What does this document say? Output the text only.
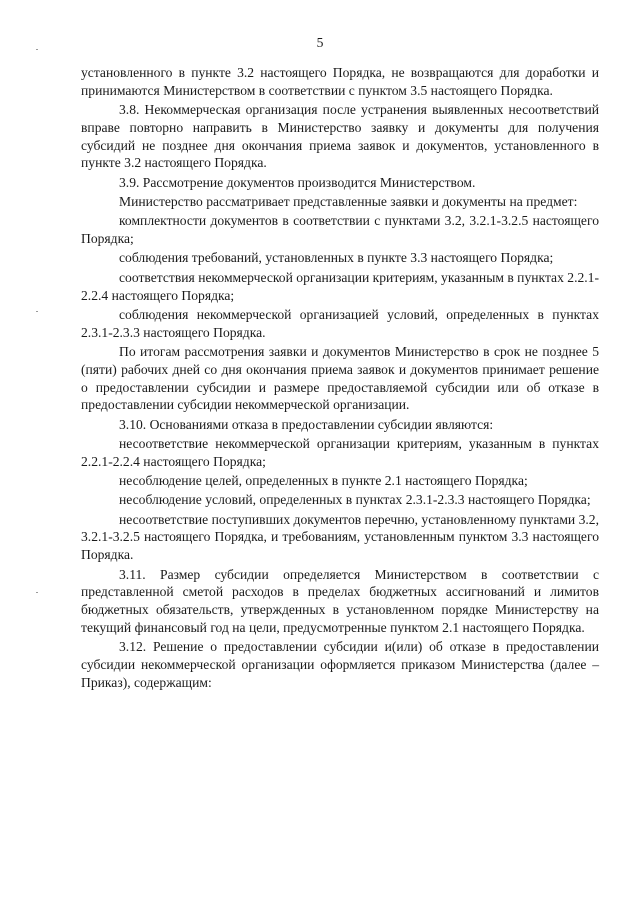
5

установленного в пункте 3.2 настоящего Порядка, не возвращаются для доработки и принимаются Министерством в соответствии с пунктом 3.5 настоящего Порядка.

3.8. Некоммерческая организация после устранения выявленных несоответствий вправе повторно направить в Министерство заявку и документы для получения субсидий не позднее дня окончания приема заявок и документов, установленного в пункте 3.2 настоящего Порядка.

3.9. Рассмотрение документов производится Министерством.

Министерство рассматривает представленные заявки и документы на предмет:

комплектности документов в соответствии с пунктами 3.2, 3.2.1-3.2.5 настоящего Порядка;

соблюдения требований, установленных в пункте 3.3 настоящего Порядка;

соответствия некоммерческой организации критериям, указанным в пунктах 2.2.1-2.2.4 настоящего Порядка;

соблюдения некоммерческой организацией условий, определенных в пунктах 2.3.1-2.3.3 настоящего Порядка.

По итогам рассмотрения заявки и документов Министерство в срок не позднее 5 (пяти) рабочих дней со дня окончания приема заявок и документов принимает решение о предоставлении субсидии и размере предоставляемой субсидии или об отказе в предоставлении субсидии некоммерческой организации.

3.10. Основаниями отказа в предоставлении субсидии являются:

несоответствие некоммерческой организации критериям, указанным в пунктах 2.2.1-2.2.4 настоящего Порядка;

несоблюдение целей, определенных в пункте 2.1 настоящего Порядка;

несоблюдение условий, определенных в пунктах 2.3.1-2.3.3 настоящего Порядка;

несоответствие поступивших документов перечню, установленному пунктами 3.2, 3.2.1-3.2.5 настоящего Порядка, и требованиям, установленным пунктом 3.3 настоящего Порядка.

3.11. Размер субсидии определяется Министерством в соответствии с представленной сметой расходов в пределах бюджетных ассигнований и лимитов бюджетных обязательств, утвержденных в установленном порядке Министерству на текущий финансовый год на цели, предусмотренные пунктом 2.1 настоящего Порядка.

3.12. Решение о предоставлении субсидии и(или) об отказе в предоставлении субсидии некоммерческой организации оформляется приказом Министерства (далее – Приказ), содержащим:
